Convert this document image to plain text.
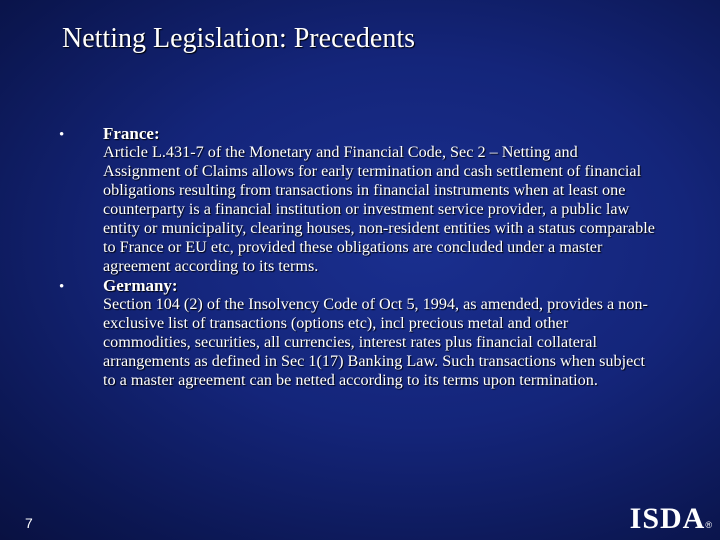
Netting Legislation: Precedents
• France:
Article L.431-7 of the Monetary and Financial Code, Sec 2 – Netting and Assignment of Claims allows for early termination and cash settlement of financial obligations resulting from transactions in financial instruments when at least one counterparty is a financial institution or investment service provider, a public law entity or municipality, clearing houses, non-resident entities with a status comparable to France or EU etc, provided these obligations are concluded under a master agreement according to its terms.
• Germany:
Section 104 (2) of the Insolvency Code of Oct 5, 1994, as amended, provides a non-exclusive list of transactions (options etc), incl precious metal and other commodities, securities, all currencies, interest rates plus financial collateral arrangements as defined in Sec 1(17) Banking Law. Such transactions when subject to a master agreement can be netted according to its terms upon termination.
7	ISDA®
